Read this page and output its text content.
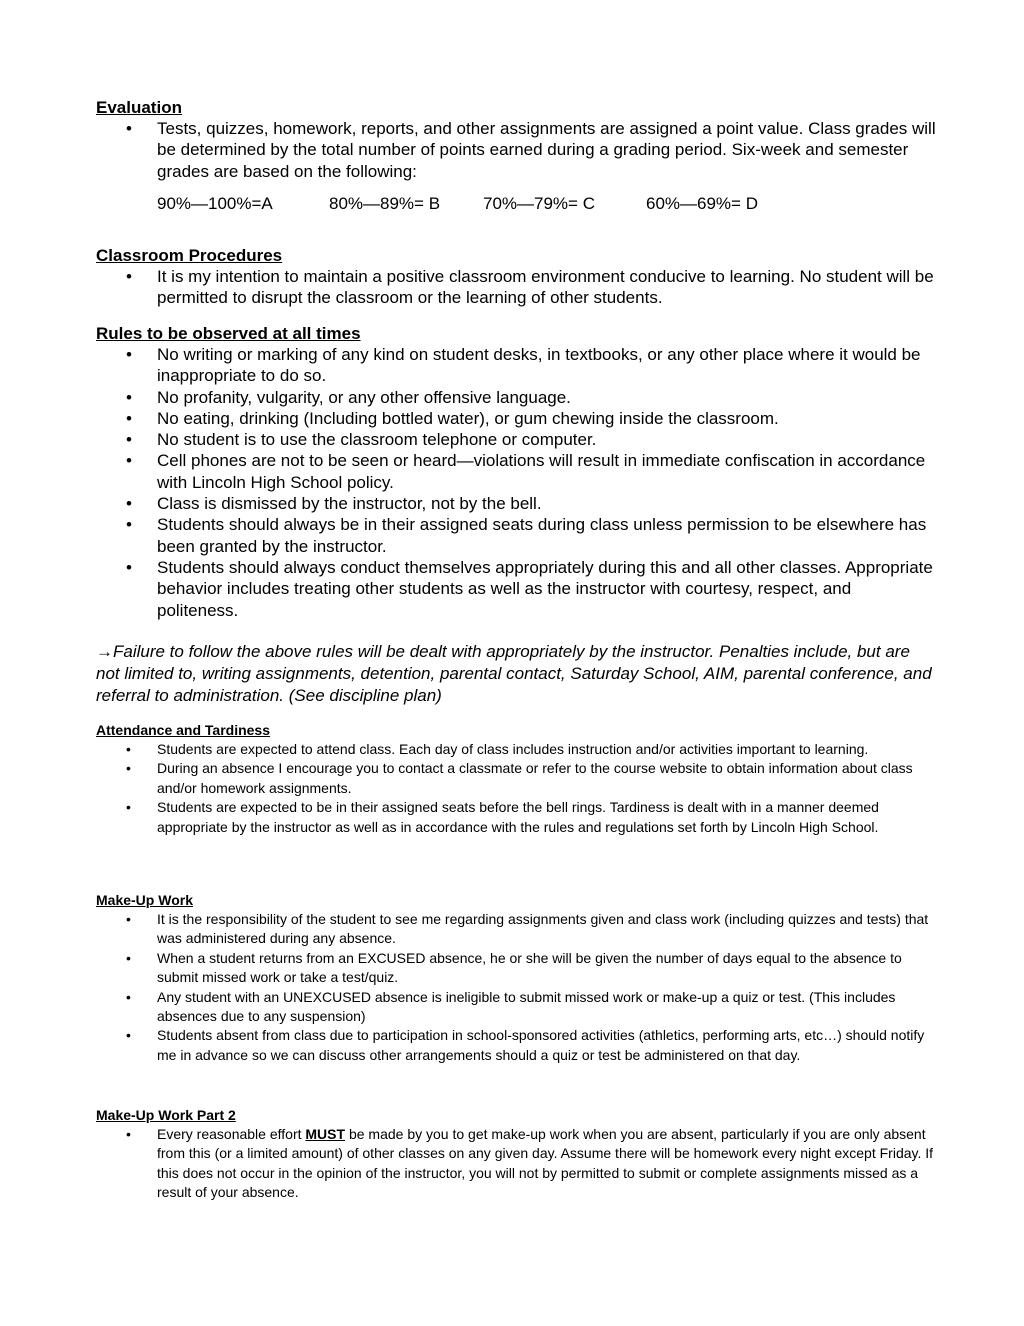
Evaluation
• Tests, quizzes, homework, reports, and other assignments are assigned a point value. Class grades will be determined by the total number of points earned during a grading period. Six-week and semester grades are based on the following:
90%—100%=A	80%—89%= B	70%—79%= C	60%—69%= D
Classroom Procedures
• It is my intention to maintain a positive classroom environment conducive to learning. No student will be permitted to disrupt the classroom or the learning of other students.
Rules to be observed at all times
• No writing or marking of any kind on student desks, in textbooks, or any other place where it would be inappropriate to do so.
• No profanity, vulgarity, or any other offensive language.
• No eating, drinking (Including bottled water), or gum chewing inside the classroom.
• No student is to use the classroom telephone or computer.
• Cell phones are not to be seen or heard—violations will result in immediate confiscation in accordance with Lincoln High School policy.
• Class is dismissed by the instructor, not by the bell.
• Students should always be in their assigned seats during class unless permission to be elsewhere has been granted by the instructor.
• Students should always conduct themselves appropriately during this and all other classes. Appropriate behavior includes treating other students as well as the instructor with courtesy, respect, and politeness.

→Failure to follow the above rules will be dealt with appropriately by the instructor. Penalties include, but are not limited to, writing assignments, detention, parental contact, Saturday School, AIM, parental conference, and referral to administration. (See discipline plan)

Attendance and Tardiness
• Students are expected to attend class. Each day of class includes instruction and/or activities important to learning.
• During an absence I encourage you to contact a classmate or refer to the course website to obtain information about class and/or homework assignments.
• Students are expected to be in their assigned seats before the bell rings. Tardiness is dealt with in a manner deemed appropriate by the instructor as well as in accordance with the rules and regulations set forth by Lincoln High School.
Make-Up Work
• It is the responsibility of the student to see me regarding assignments given and class work (including quizzes and tests) that was administered during any absence.
• When a student returns from an EXCUSED absence, he or she will be given the number of days equal to the absence to submit missed work or take a test/quiz.
• Any student with an UNEXCUSED absence is ineligible to submit missed work or make-up a quiz or test. (This includes absences due to any suspension)
• Students absent from class due to participation in school-sponsored activities (athletics, performing arts, etc…) should notify me in advance so we can discuss other arrangements should a quiz or test be administered on that day.
Make-Up Work Part 2
• Every reasonable effort MUST be made by you to get make-up work when you are absent, particularly if you are only absent from this (or a limited amount) of other classes on any given day. Assume there will be homework every night except Friday. If this does not occur in the opinion of the instructor, you will not by permitted to submit or complete assignments missed as a result of your absence.
